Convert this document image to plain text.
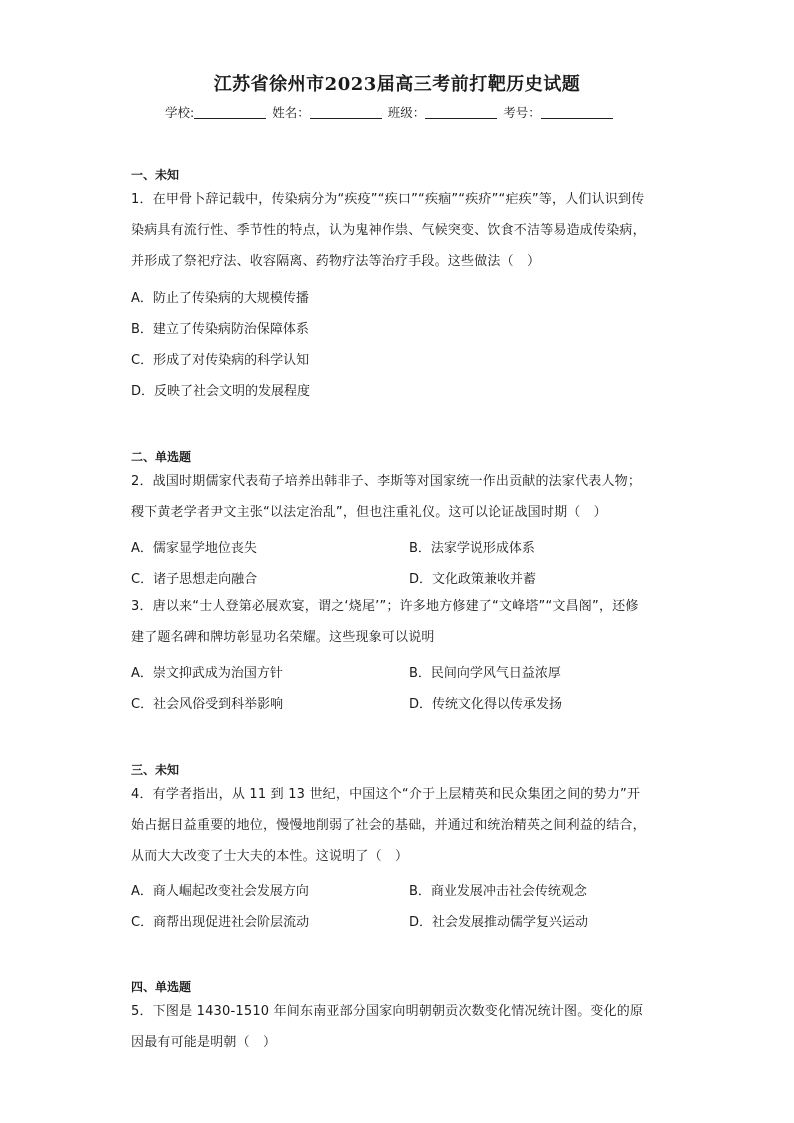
江苏省徐州市2023届高三考前打靶历史试题
学校:	姓名：	班级：	考号：
一、未知
1．在甲骨卜辞记载中，传染病分为“疾疫”“疾口”“疾痼”“疾疥”“疟疾”等，人们认识到传
染病具有流行性、季节性的特点，认为鬼神作祟、气候突变、饮食不洁等易造成传染病，
并形成了祭祀疗法、收容隔离、药物疗法等治疗手段。这些做法（　）
A．防止了传染病的大规模传播
B．建立了传染病防治保障体系
C．形成了对传染病的科学认知
D．反映了社会文明的发展程度
二、单选题
2．战国时期儒家代表荀子培养出韩非子、李斯等对国家统一作出贡献的法家代表人物；
稷下黄老学者尹文主张“以法定治乱”，但也注重礼仪。这可以论证战国时期（　）
A．儒家显学地位丧失	B．法家学说形成体系
C．诸子思想走向融合	D．文化政策兼收并蓄
3．唐以来“士人登第必展欢宴，谓之‘烧尾’”；许多地方修建了“文峰塔”“文昌阁”，还修
建了题名碑和牌坊彰显功名荣耀。这些现象可以说明
A．崇文抑武成为治国方针	B．民间向学风气日益浓厚
C．社会风俗受到科举影响	D．传统文化得以传承发扬
三、未知
4．有学者指出，从 11 到 13 世纪，中国这个“介于上层精英和民众集团之间的势力”开
始占据日益重要的地位，慢慢地削弱了社会的基础，并通过和统治精英之间利益的结合，
从而大大改变了士大夫的本性。这说明了（　）
A．商人崛起改变社会发展方向	B．商业发展冲击社会传统观念
C．商帮出现促进社会阶层流动	D．社会发展推动儒学复兴运动
四、单选题
5．下图是 1430-1510 年间东南亚部分国家向明朝朝贡次数变化情况统计图。变化的原
因最有可能是明朝（　）
